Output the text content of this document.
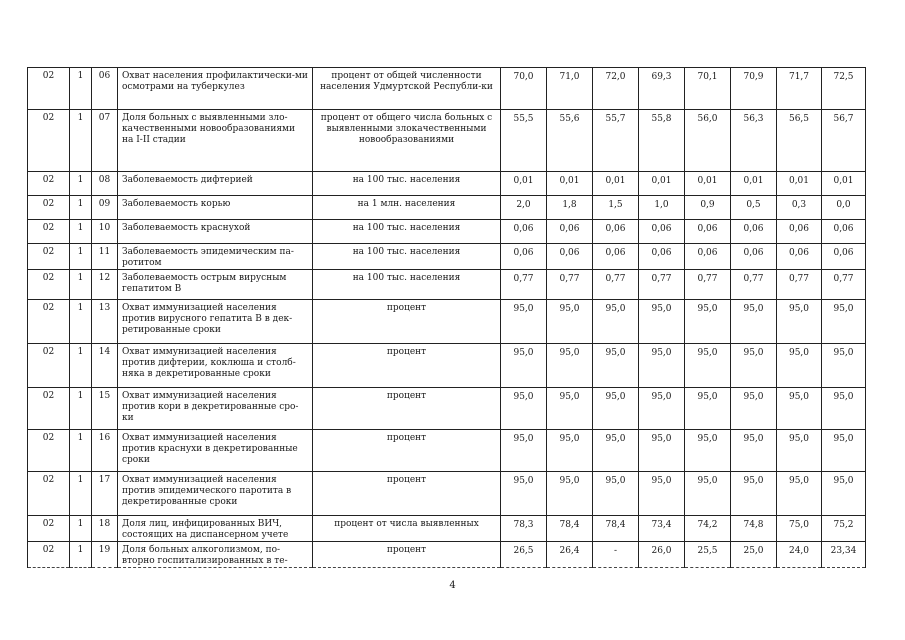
02	1	06	Охват населения профилактически-ми осмотрами на туберкулез	процент от общей численности населения Удмуртской Республи-ки	70,0	71,0	72,0	69,3	70,1	70,9	71,7	72,5
02	1	07	Доля больных с выявленными зло-качественными новообразованиями на I-II стадии	процент от общего числа больных с выявленными злокачественными новообразованиями	55,5	55,6	55,7	55,8	56,0	56,3	56,5	56,7
02	1	08	Заболеваемость дифтерией	на 100 тыс. населения	0,01	0,01	0,01	0,01	0,01	0,01	0,01	0,01
02	1	09	Заболеваемость корью	на 1 млн. населения	2,0	1,8	1,5	1,0	0,9	0,5	0,3	0,0
02	1	10	Заболеваемость краснухой	на 100 тыс. населения	0,06	0,06	0,06	0,06	0,06	0,06	0,06	0,06
02	1	11	Заболеваемость эпидемическим па-ротитом	на 100 тыс. населения	0,06	0,06	0,06	0,06	0,06	0,06	0,06	0,06
02	1	12	Заболеваемость острым вирусным гепатитом В	на 100 тыс. населения	0,77	0,77	0,77	0,77	0,77	0,77	0,77	0,77
02	1	13	Охват иммунизацией населения против вирусного гепатита В в дек-ретированные сроки	процент	95,0	95,0	95,0	95,0	95,0	95,0	95,0	95,0
02	1	14	Охват иммунизацией населения против дифтерии, коклюша и столб-няка в декретированные сроки	процент	95,0	95,0	95,0	95,0	95,0	95,0	95,0	95,0
02	1	15	Охват иммунизацией населения против кори в декретированные сро-ки	процент	95,0	95,0	95,0	95,0	95,0	95,0	95,0	95,0
02	1	16	Охват иммунизацией населения против краснухи в декретированные сроки	процент	95,0	95,0	95,0	95,0	95,0	95,0	95,0	95,0
02	1	17	Охват иммунизацией населения против эпидемического паротита в декретированные сроки	процент	95,0	95,0	95,0	95,0	95,0	95,0	95,0	95,0
02	1	18	Доля лиц, инфицированных ВИЧ, состоящих на диспансерном учете	процент от числа выявленных	78,3	78,4	78,4	73,4	74,2	74,8	75,0	75,2
02	1	19	Доля больных алкоголизмом, по-вторно госпитализированных в те-	процент	26,5	26,4	-	26,0	25,5	25,0	24,0	23,34
4
